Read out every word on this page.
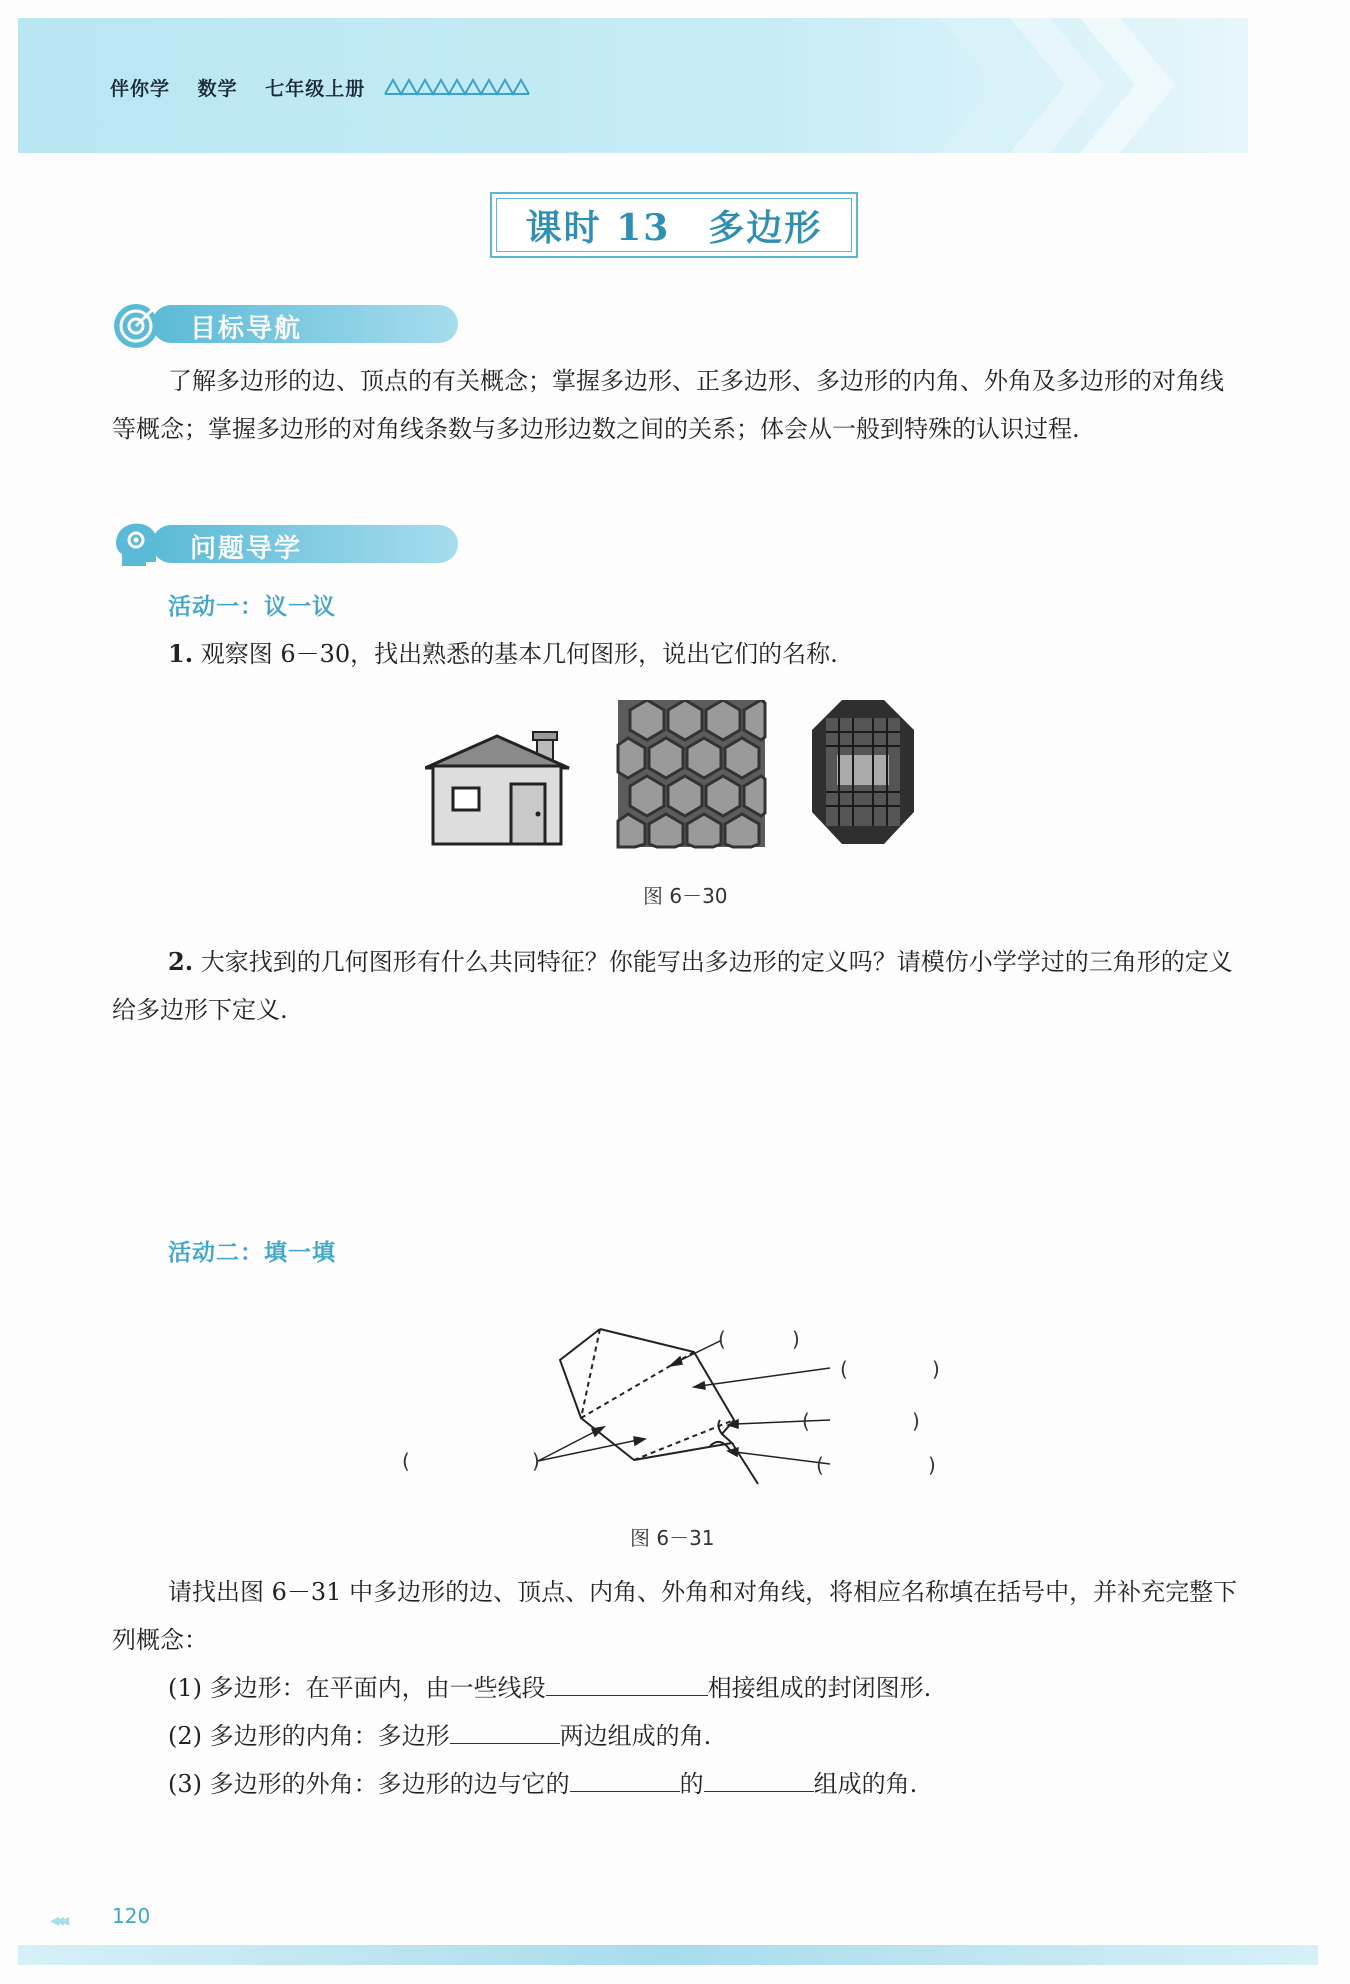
伴你学 数学 七年级上册
课时 13　多边形
目标导航
了解多边形的边、顶点的有关概念；掌握多边形、正多边形、多边形的内角、外角及多边形的对角线等概念；掌握多边形的对角线条数与多边形边数之间的关系；体会从一般到特殊的认识过程.
问题导学
活动一：议一议
1. 观察图 6－30，找出熟悉的基本几何图形，说出它们的名称.
图 6－30
2. 大家找到的几何图形有什么共同特征？你能写出多边形的定义吗？请模仿小学学过的三角形的定义给多边形下定义.
活动二：填一填
(	)
(	)
(	)
(	)
(	)
图 6－31
请找出图 6－31 中多边形的边、顶点、内角、外角和对角线，将相应名称填在括号中，并补充完整下列概念：
(1) 多边形：在平面内，由一些线段	相接组成的封闭图形.
(2) 多边形的内角：多边形	两边组成的角.
(3) 多边形的外角：多边形的边与它的	的	组成的角.
◂◂◂ 120
